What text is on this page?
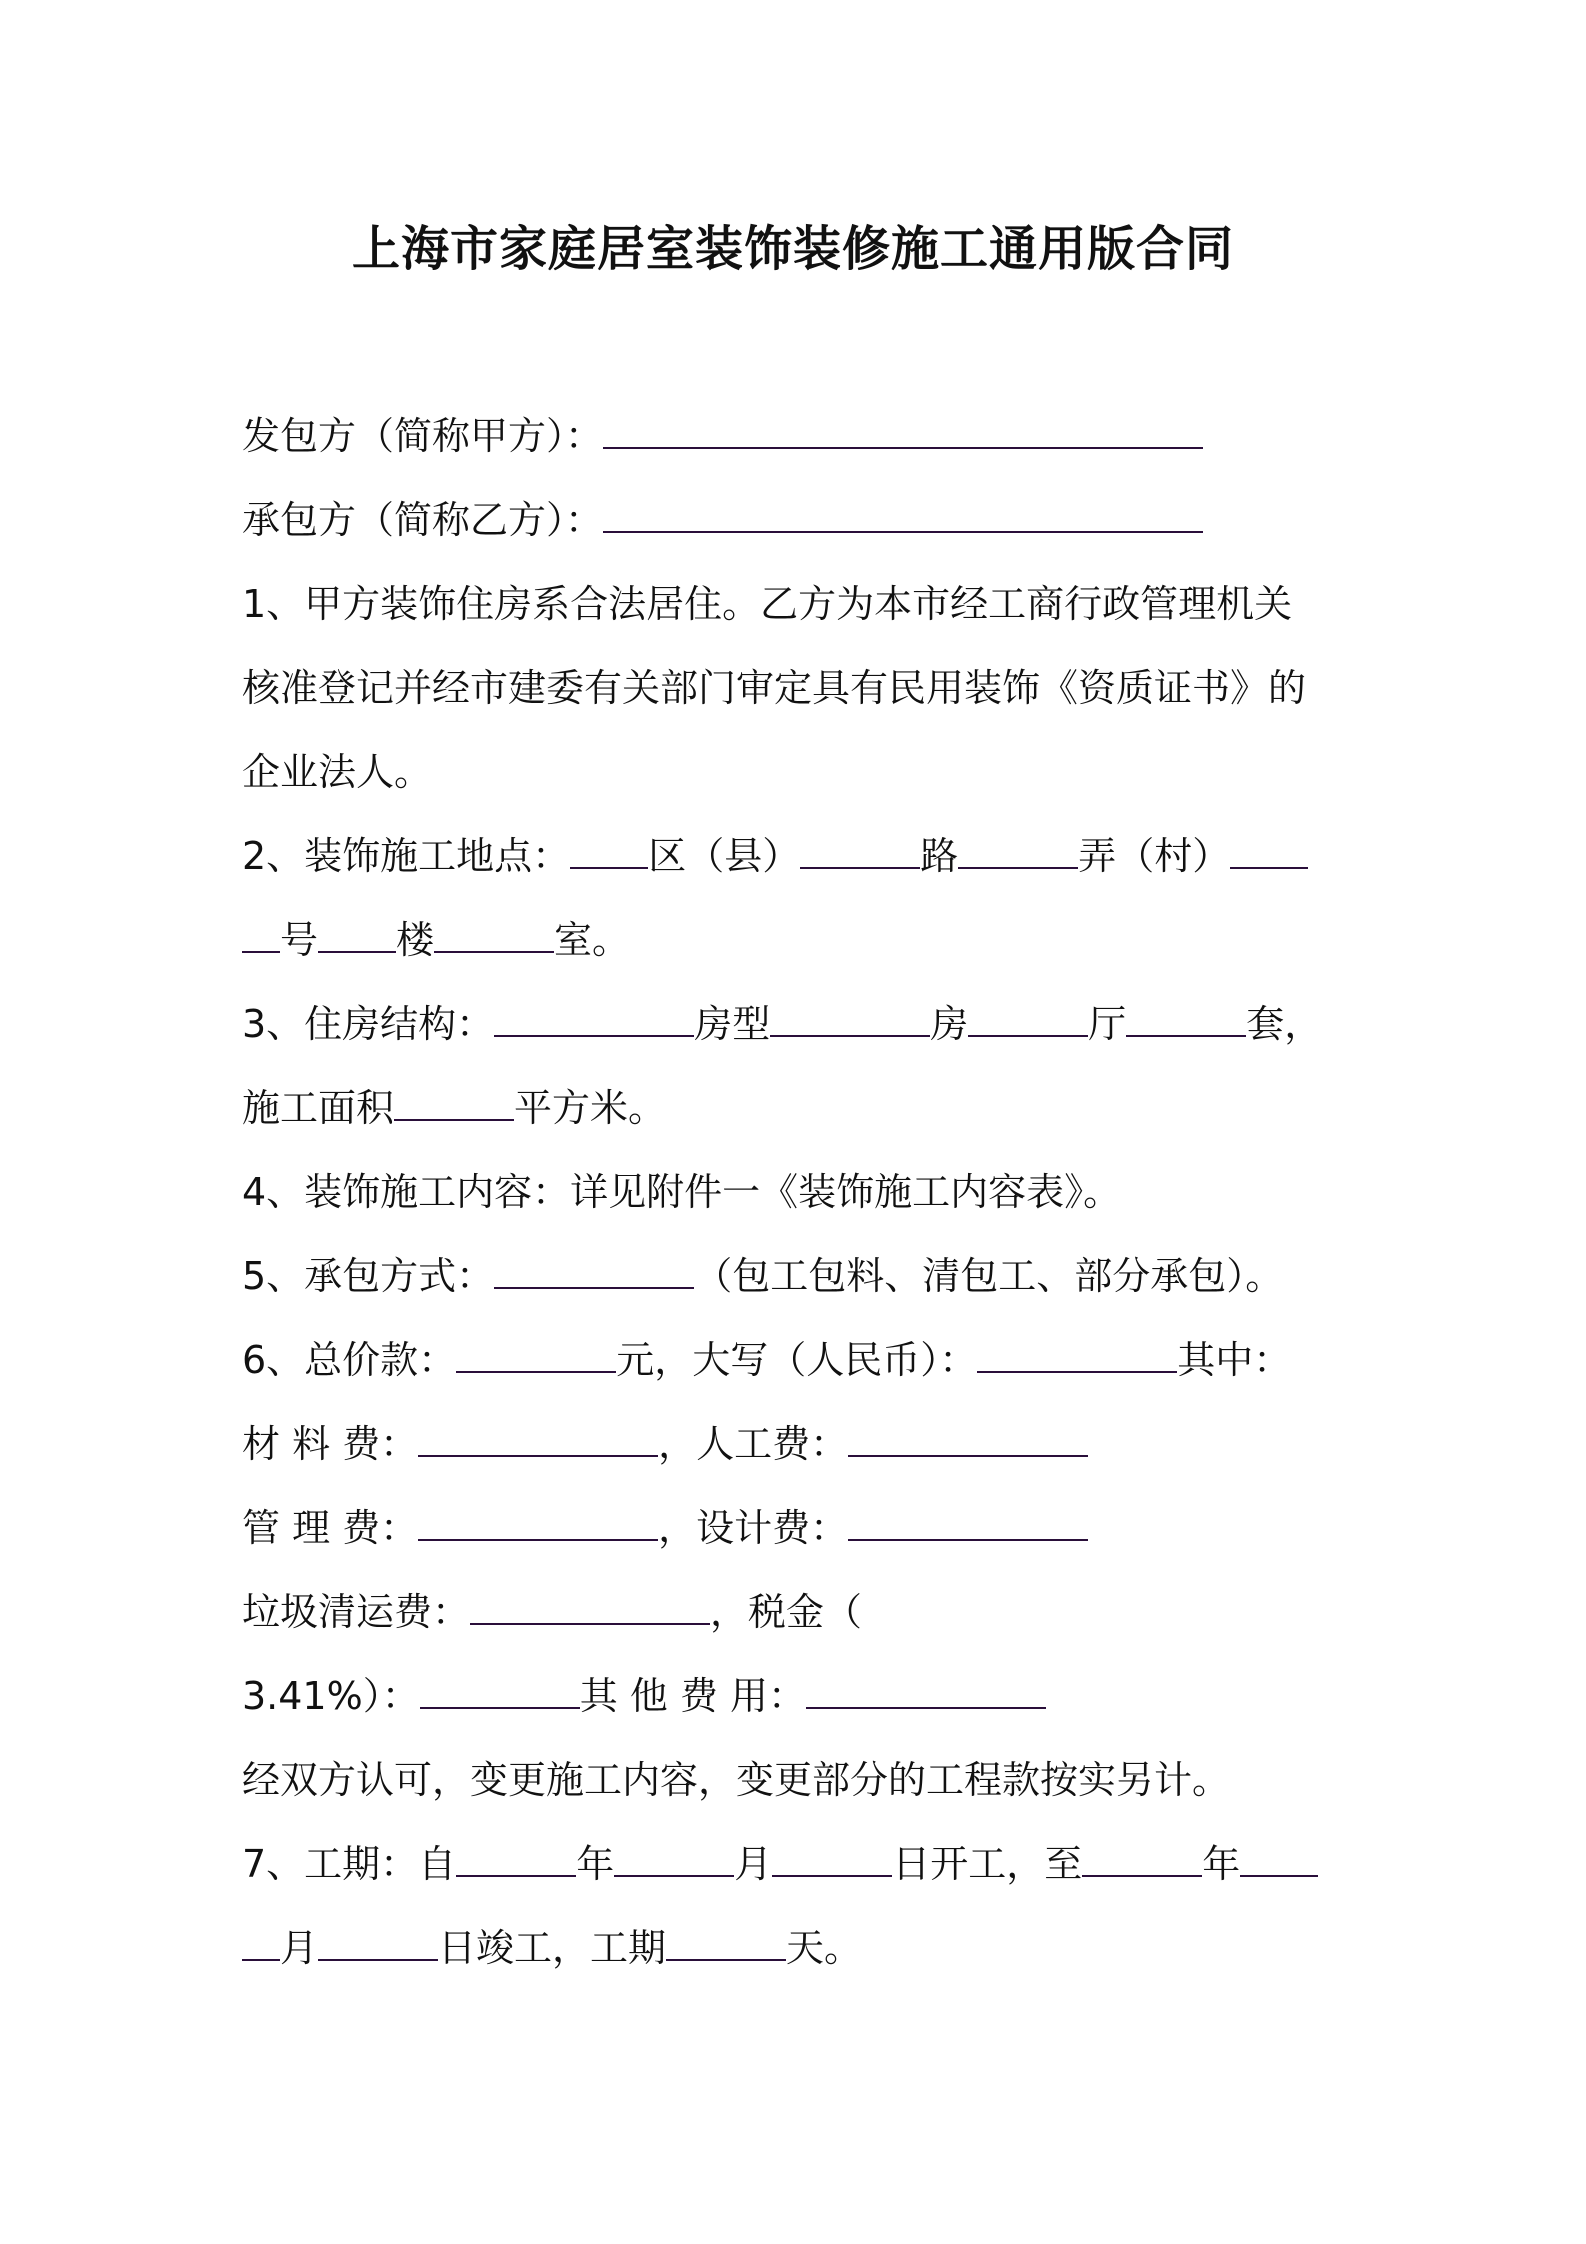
上海市家庭居室装饰装修施工通用版合同
发包方（简称甲方）：
承包方（简称乙方）：
1、甲方装饰住房系合法居住。乙方为本市经工商行政管理机关
核准登记并经市建委有关部门审定具有民用装饰《资质证书》的
企业法人。
2、装饰施工地点： 区（县）	路	弄（村）
号 楼	室。
3、住房结构：	房型	房	厅	套，
施工面积	平方米。
4、装饰施工内容：详见附件一《装饰施工内容表》。
5、承包方式：	（包工包料、清包工、部分承包）。
6、总价款：	元，大写（人民币）：	其中：
材 料 费：	，人工费：
管 理 费：	，设计费：
垃圾清运费：	，税金（
3.41%）：	其 他 费 用：
经双方认可，变更施工内容，变更部分的工程款按实另计。
7、工期：自	年	月	日开工，至	年
月	日竣工，工期	天。
